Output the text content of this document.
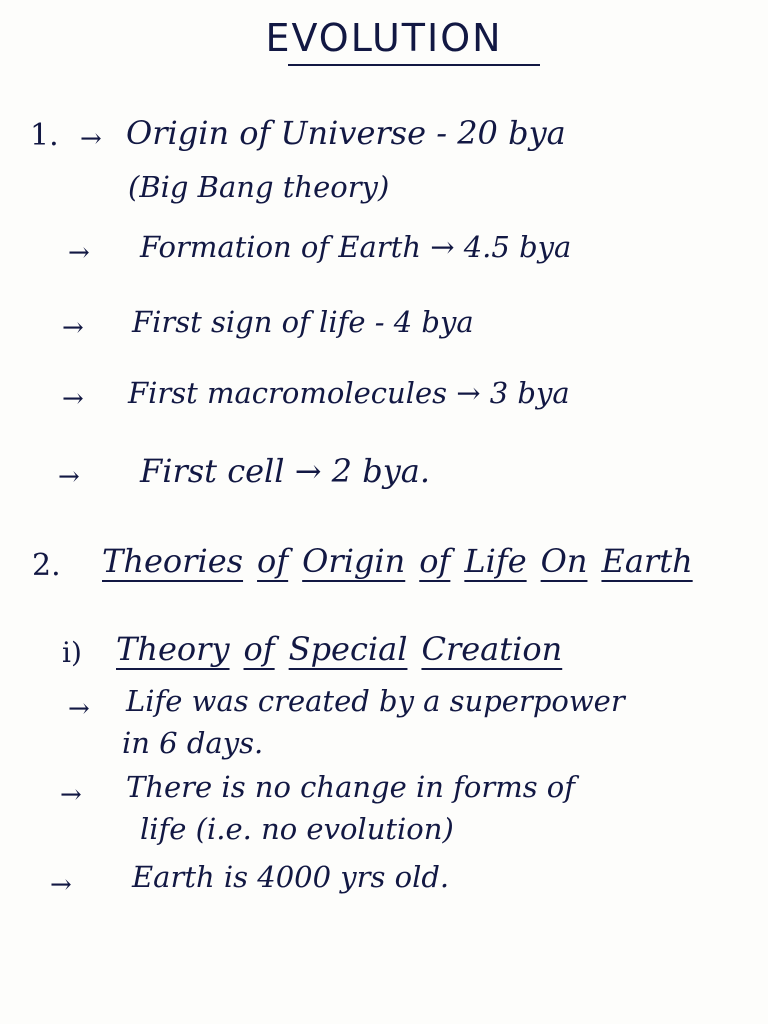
EVOLUTION
1. → Origin of Universe - 20 bya
(Big Bang theory)
→ Formation of Earth → 4.5 bya
→ First sign of life - 4 bya
→ First macromolecules → 3 bya
→ First cell → 2 bya.
2. Theories of Origin of Life On Earth
i) Theory of Special Creation
→ Life was created by a superpower
in 6 days.
→ There is no change in forms of
life (i.e. no evolution)
→ Earth is 4000 yrs old.
